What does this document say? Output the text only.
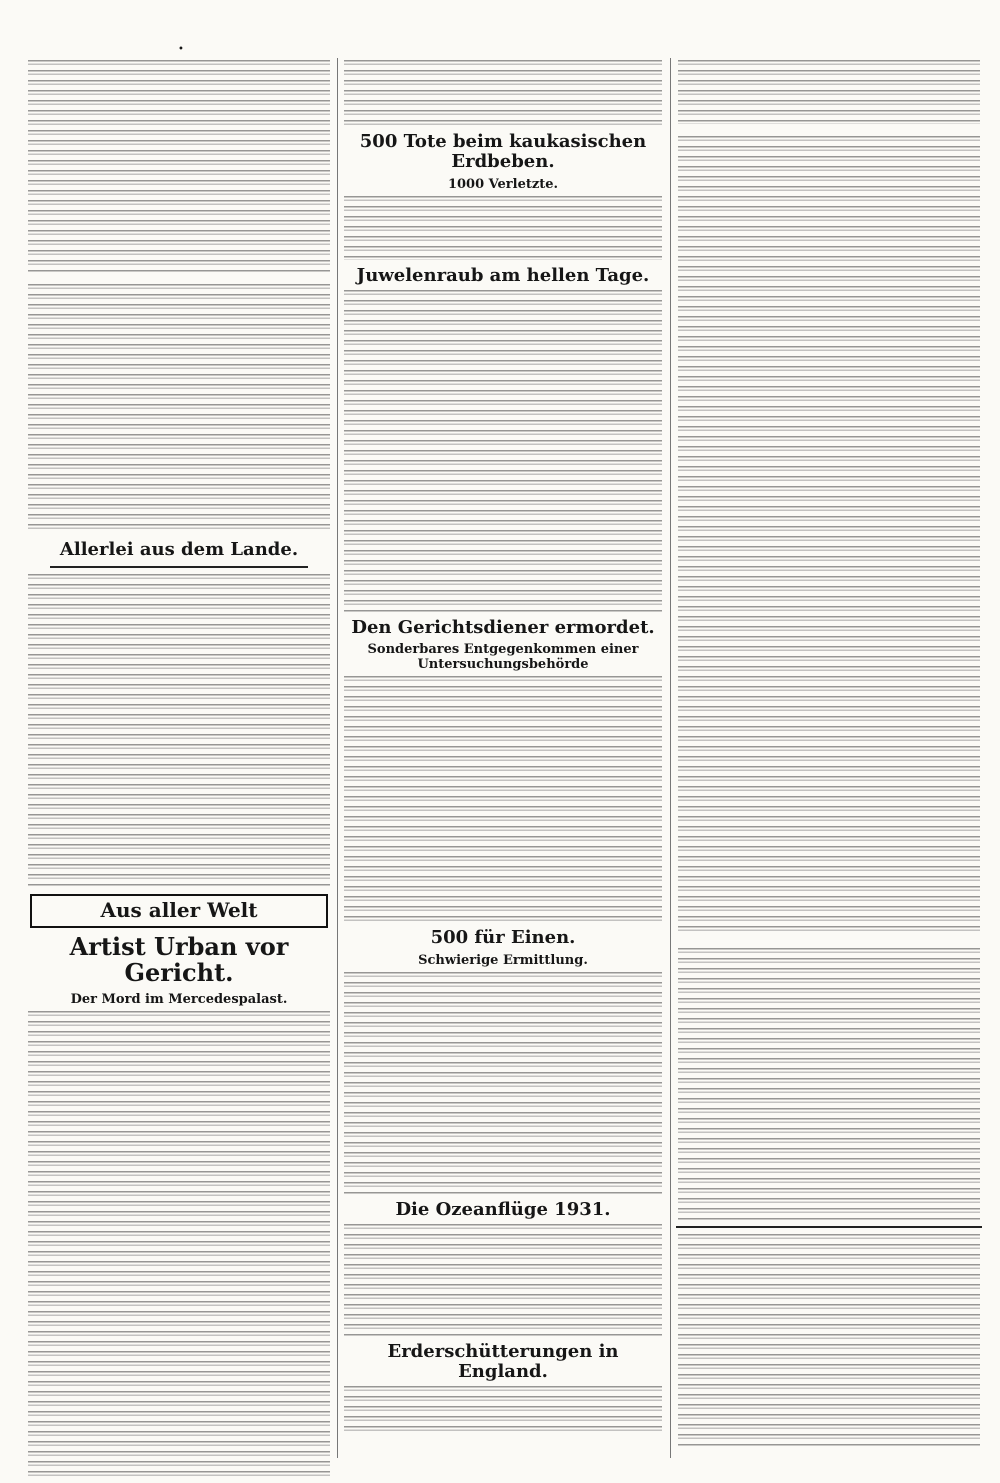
•
Allerlei aus dem Lande.
Aus aller Welt
Artist Urban vor Gericht.
Der Mord im Mercedespalast.
500 Tote beim kaukasischen Erdbeben.
1000 Verletzte.
Juwelenraub am hellen Tage.
Den Gerichtsdiener ermordet.
Sonderbares Entgegenkommen einer Untersuchungsbehörde
500 für Einen.
Schwierige Ermittlung.
Die Ozeanflüge 1931.
Erderschütterungen in England.
